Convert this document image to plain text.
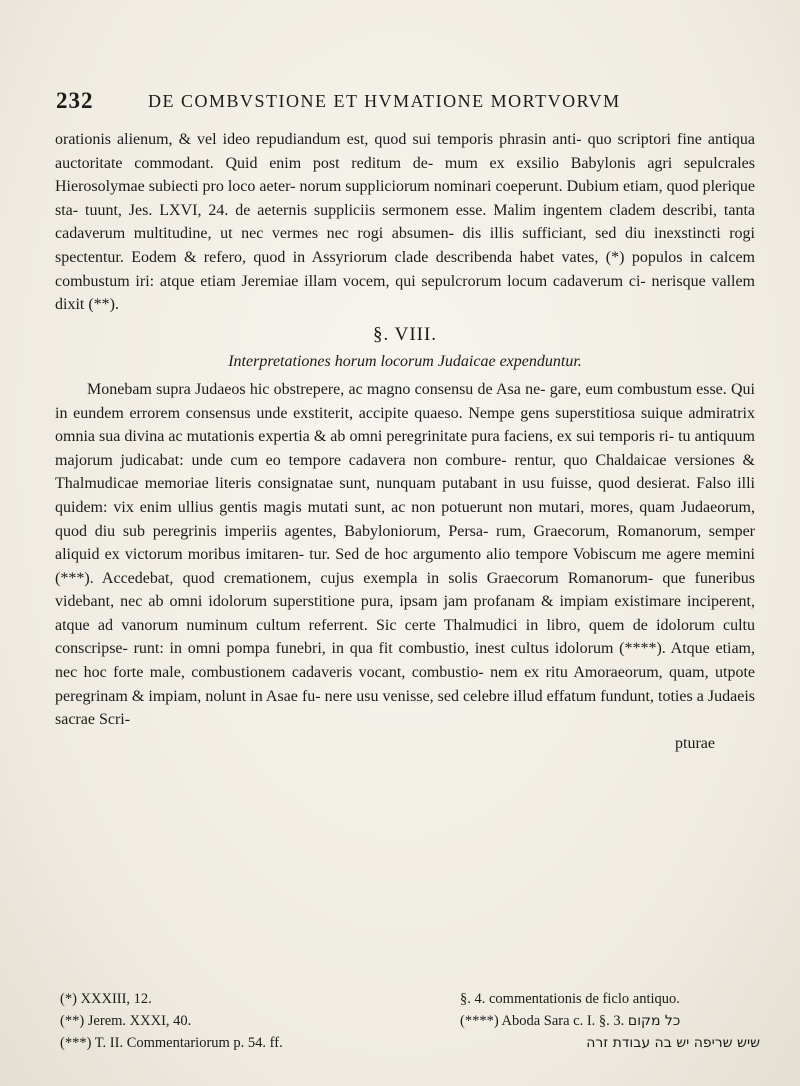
232	DE COMBVSTIONE ET HVMATIONE MORTVORVM

orationis alienum, & vel ideo repudiandum est, quod sui temporis phrasin anti- quo scriptori fine antiqua auctoritate commodant. Quid enim post reditum de- mum ex exsilio Babylonis agri sepulcrales Hierosolymae subiecti pro loco aeter- norum suppliciorum nominari coeperunt. Dubium etiam, quod plerique sta- tuunt, Jes. LXVI, 24. de aeternis suppliciis sermonem esse. Malim ingentem cladem describi, tanta cadaverum multitudine, ut nec vermes nec rogi absumen- dis illis sufficiant, sed diu inexstincti rogi spectentur. Eodem & refero, quod in Assyriorum clade describenda habet vates, (*) populos in calcem combustum iri: atque etiam Jeremiae illam vocem, qui sepulcrorum locum cadaverum ci- nerisque vallem dixit (**).

§. VIII.
Interpretationes horum locorum Judaicae expenduntur.

Monebam supra Judaeos hic obstrepere, ac magno consensu de Asa ne- gare, eum combustum esse. Qui in eundem errorem consensus unde exstiterit, accipite quaeso. Nempe gens superstitiosa suique admiratrix omnia sua divina ac mutationis expertia & ab omni peregrinitate pura faciens, ex sui temporis ri- tu antiquum majorum judicabat: unde cum eo tempore cadavera non combure- rentur, quo Chaldaicae versiones & Thalmudicae memoriae literis consignatae sunt, nunquam putabant in usu fuisse, quod desierat. Falso illi quidem: vix enim ullius gentis magis mutati sunt, ac non potuerunt non mutari, mores, quam Judaeorum, quod diu sub peregrinis imperiis agentes, Babyloniorum, Persa- rum, Graecorum, Romanorum, semper aliquid ex victorum moribus imitaren- tur. Sed de hoc argumento alio tempore Vobiscum me agere memini (***). Accedebat, quod cremationem, cujus exempla in solis Graecorum Romanorum- que funeribus videbant, nec ab omni idolorum superstitione pura, ipsam jam profanam & impiam existimare inciperent, atque ad vanorum numinum cultum referrent. Sic certe Thalmudici in libro, quem de idolorum cultu conscripse- runt: in omni pompa funebri, in qua fit combustio, inest cultus idolorum (****). Atque etiam, nec hoc forte male, combustionem cadaveris vocant, combustio- nem ex ritu Amoraeorum, quam, utpote peregrinam & impiam, nolunt in Asae fu- nere usu venisse, sed celebre illud effatum fundunt, toties a Judaeis sacrae Scri-

pturae

(*) XXXIII, 12.

(**) Jerem. XXXI, 40.

(***) T. II. Commentariorum p. 54. ff.

§. 4. commentationis de ficlo antiquo.

(****) Aboda Sara c. I. §. 3. כל מקום

שיש שריפה יש בה עבודת זרה
